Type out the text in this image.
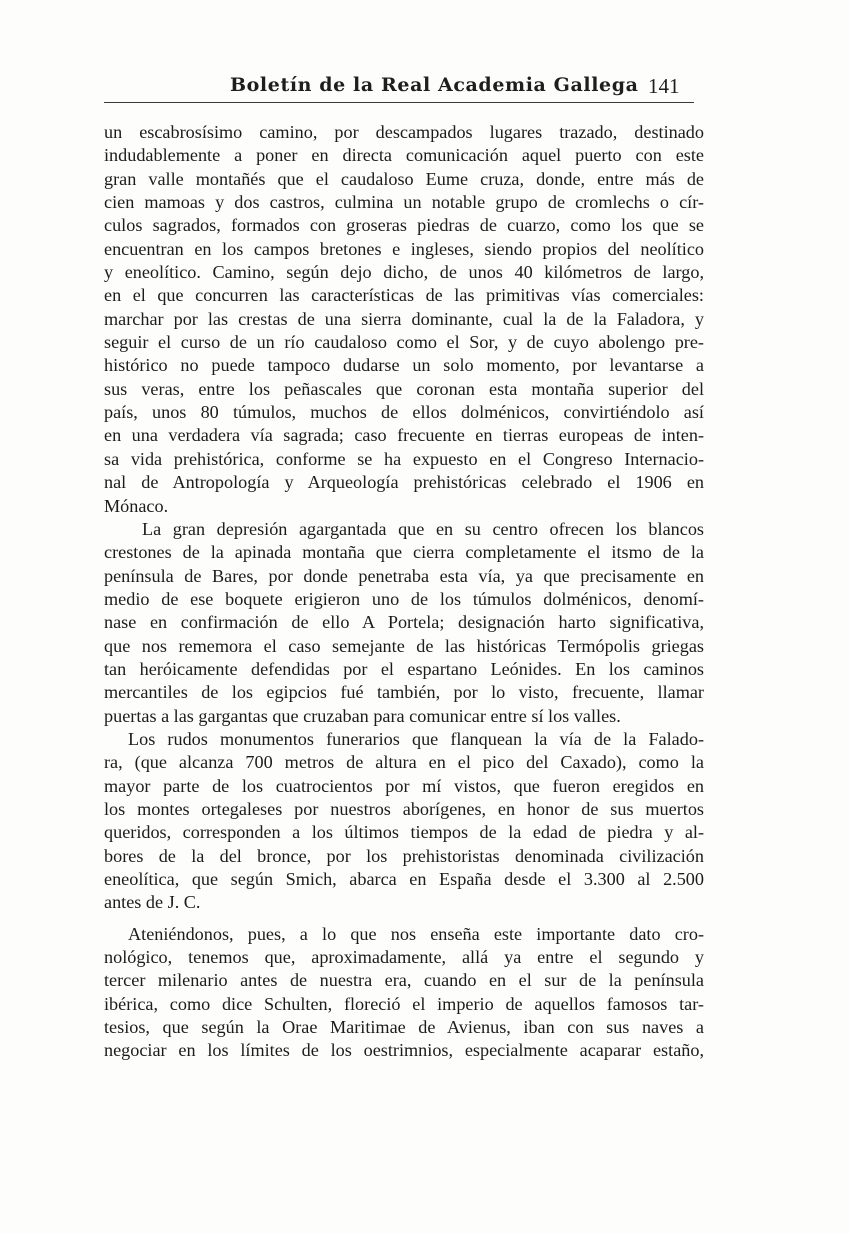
Boletín de la Real Academia Gallega 141
un escabrosísimo camino, por descampados lugares trazado, destinado
indudablemente a poner en directa comunicación aquel puerto con este
gran valle montañés que el caudaloso Eume cruza, donde, entre más de
cien mamoas y dos castros, culmina un notable grupo de cromlechs o cír-
culos sagrados, formados con groseras piedras de cuarzo, como los que se
encuentran en los campos bretones e ingleses, siendo propios del neolítico
y eneolítico. Camino, según dejo dicho, de unos 40 kilómetros de largo,
en el que concurren las características de las primitivas vías comerciales:
marchar por las crestas de una sierra dominante, cual la de la Faladora, y
seguir el curso de un río caudaloso como el Sor, y de cuyo abolengo pre-
histórico no puede tampoco dudarse un solo momento, por levantarse a
sus veras, entre los peñascales que coronan esta montaña superior del
país, unos 80 túmulos, muchos de ellos dolménicos, convirtiéndolo así
en una verdadera vía sagrada; caso frecuente en tierras europeas de inten-
sa vida prehistórica, conforme se ha expuesto en el Congreso Internacio-
nal de Antropología y Arqueología prehistóricas celebrado el 1906 en
Mónaco.
La gran depresión agargantada que en su centro ofrecen los blancos
crestones de la apinada montaña que cierra completamente el itsmo de la
península de Bares, por donde penetraba esta vía, ya que precisamente en
medio de ese boquete erigieron uno de los túmulos dolménicos, denomí-
nase en confirmación de ello A Portela; designación harto significativa,
que nos rememora el caso semejante de las históricas Termópolis griegas
tan heróicamente defendidas por el espartano Leónides. En los caminos
mercantiles de los egipcios fué también, por lo visto, frecuente, llamar
puertas a las gargantas que cruzaban para comunicar entre sí los valles.
Los rudos monumentos funerarios que flanquean la vía de la Falado-
ra, (que alcanza 700 metros de altura en el pico del Caxado), como la
mayor parte de los cuatrocientos por mí vistos, que fueron eregidos en
los montes ortegaleses por nuestros aborígenes, en honor de sus muertos
queridos, corresponden a los últimos tiempos de la edad de piedra y al-
bores de la del bronce, por los prehistoristas denominada civilización
eneolítica, que según Smich, abarca en España desde el 3.300 al 2.500
antes de J. C.
Ateniéndonos, pues, a lo que nos enseña este importante dato cro-
nológico, tenemos que, aproximadamente, allá ya entre el segundo y
tercer milenario antes de nuestra era, cuando en el sur de la península
ibérica, como dice Schulten, floreció el imperio de aquellos famosos tar-
tesios, que según la Orae Maritimae de Avienus, iban con sus naves a
negociar en los límites de los oestrimnios, especialmente acaparar estaño,
